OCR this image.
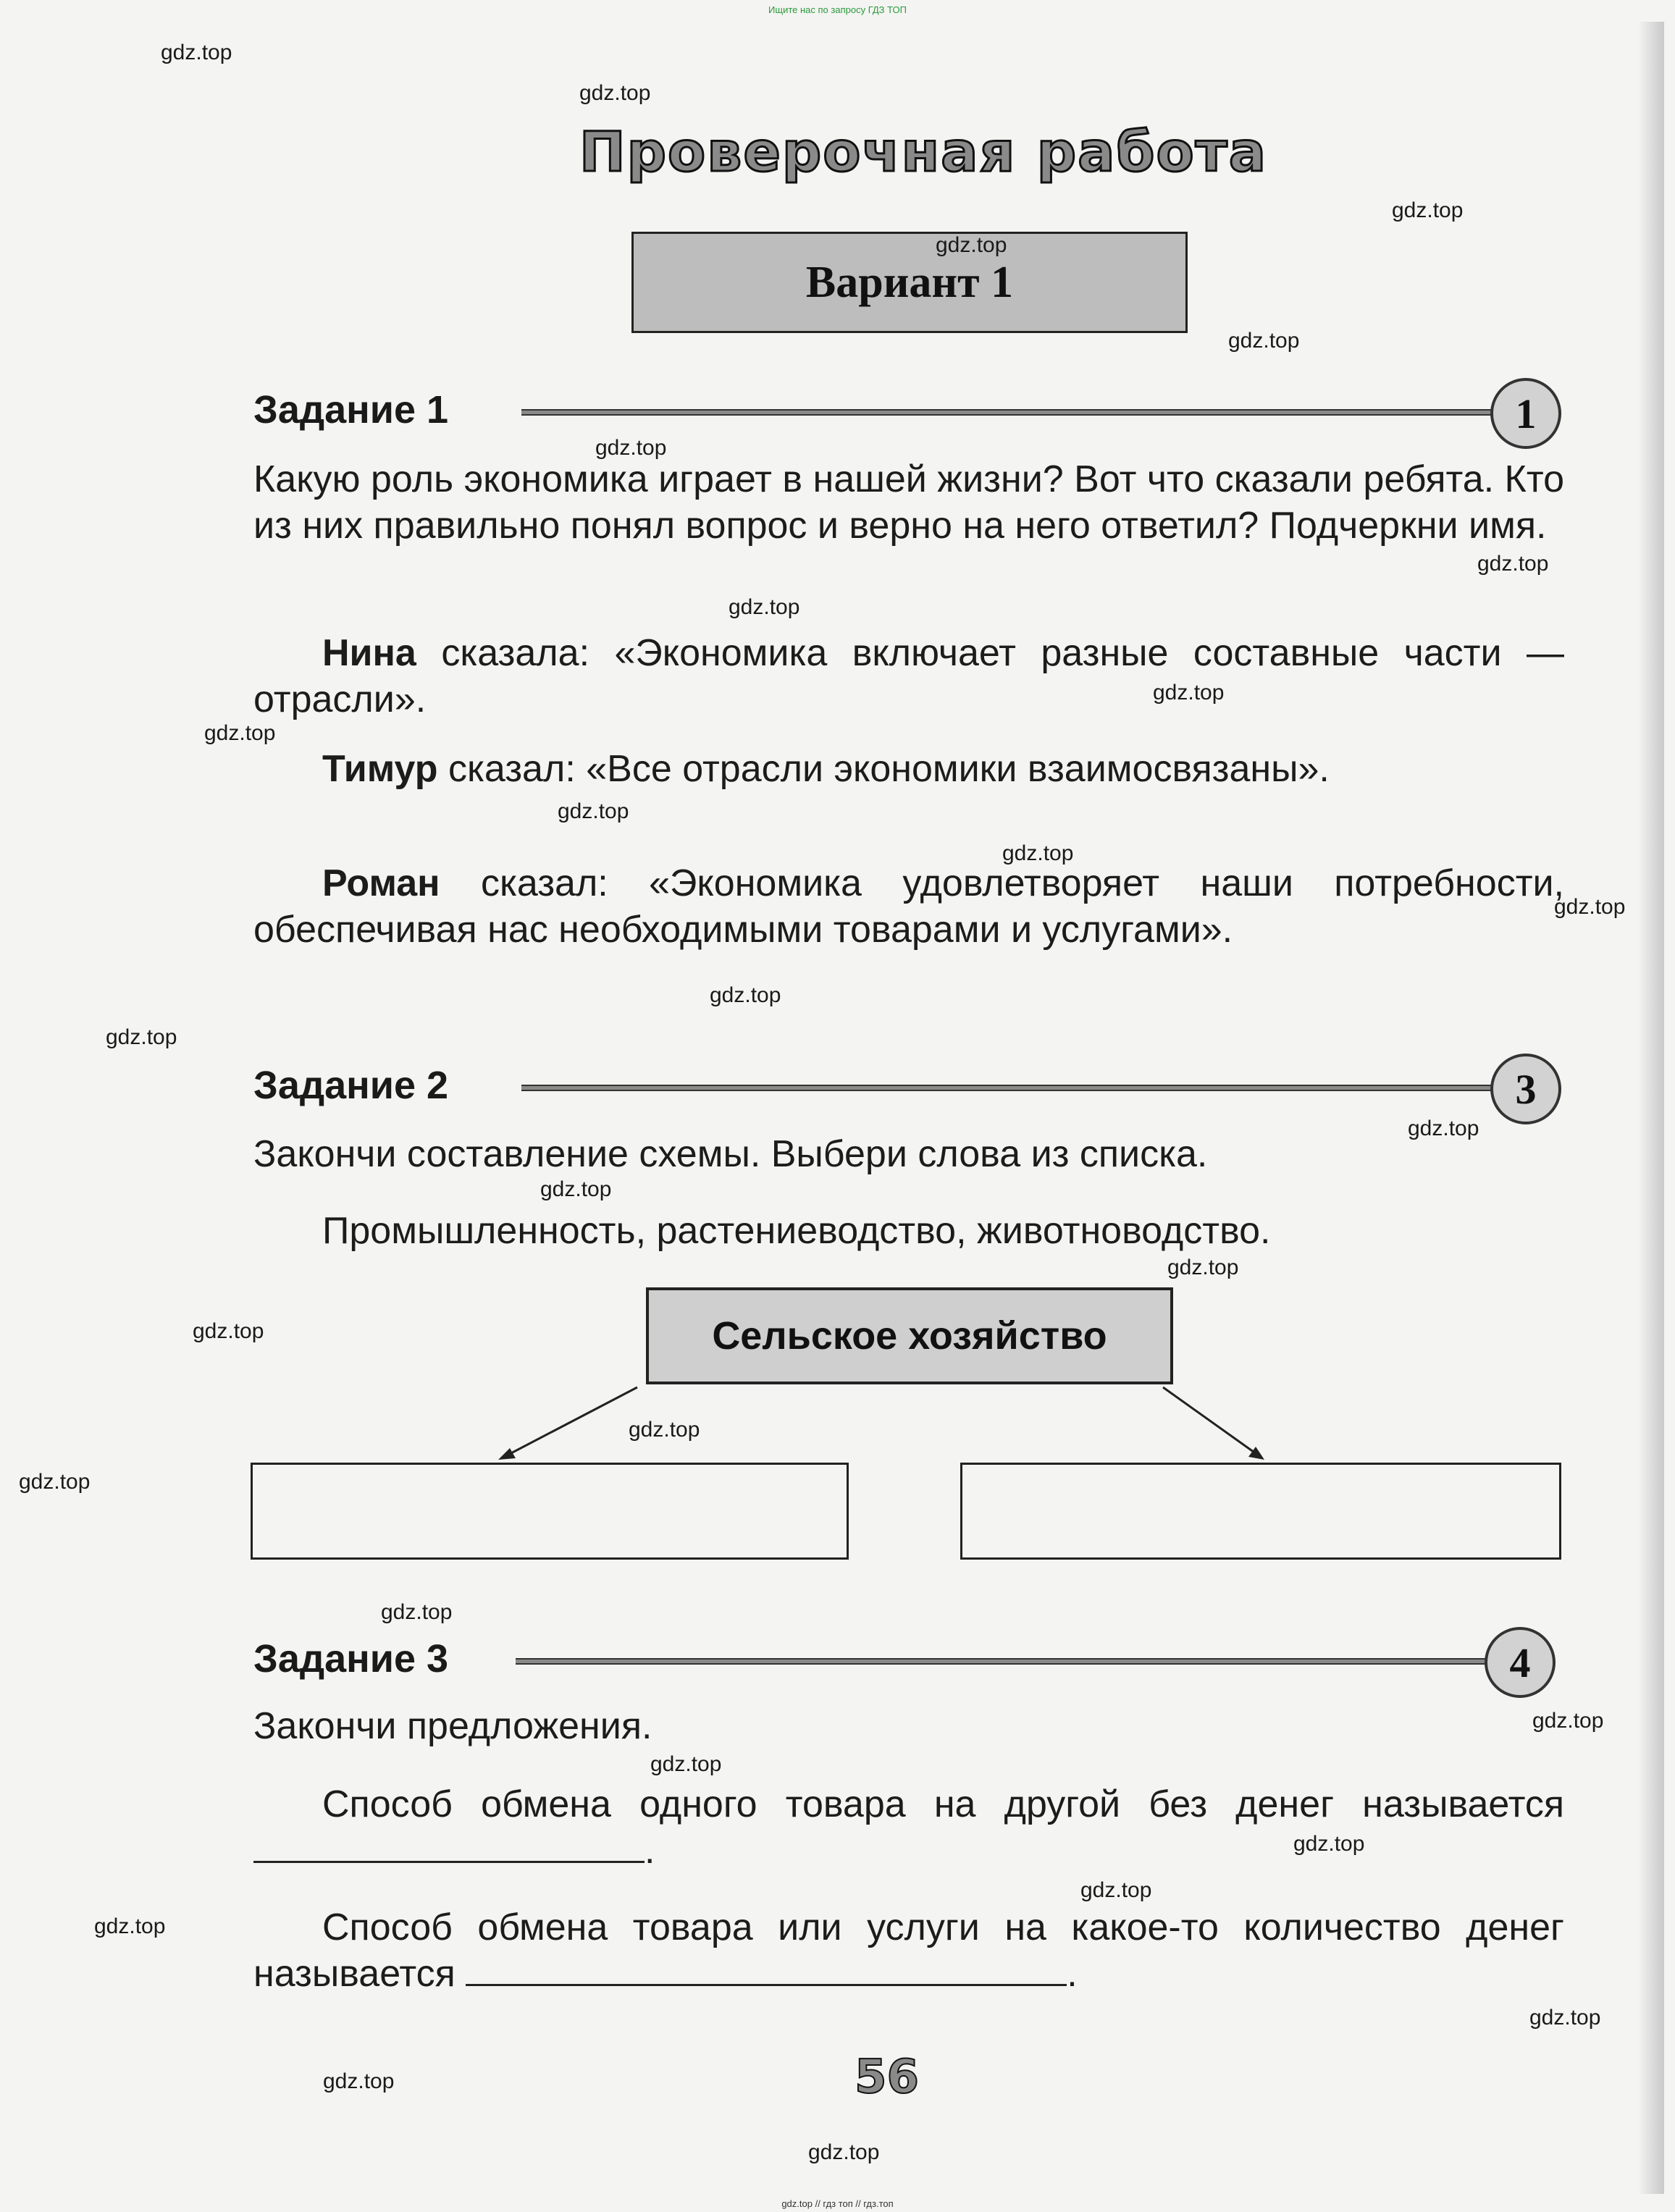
Ищите нас по запросу ГДЗ ТОП

Проверочная работа
Вариант 1
Задание 1	1
Какую роль экономика играет в нашей жизни? Вот что сказали ребята. Кто из них правильно понял вопрос и верно на него ответил? Подчеркни имя.
Нина сказала: «Экономика включает разные составные части — отрасли».
Тимур сказал: «Все отрасли экономики взаимосвязаны».
Роман сказал: «Экономика удовлетворяет наши потребности, обеспечивая нас необходимыми товарами и услугами».
Задание 2	3
Закончи составление схемы. Выбери слова из списка.
Промышленность, растениеводство, животноводство.
Сельское хозяйство
Задание 3	4
Закончи предложения.
Способ обмена одного товара на другой без денег называется .
Способ обмена товара или услуги на какое-то количество денег называется	.
56
gdz.top // гдз топ // гдз.топ
gdz.top
gdz.top
gdz.top
gdz.top
gdz.top
gdz.top
gdz.top
gdz.top
gdz.top
gdz.top
gdz.top
gdz.top
gdz.top
gdz.top
gdz.top
gdz.top
gdz.top
gdz.top
gdz.top
gdz.top
gdz.top
gdz.top
gdz.top
gdz.top
gdz.top
gdz.top
gdz.top
gdz.top
gdz.top
gdz.top
